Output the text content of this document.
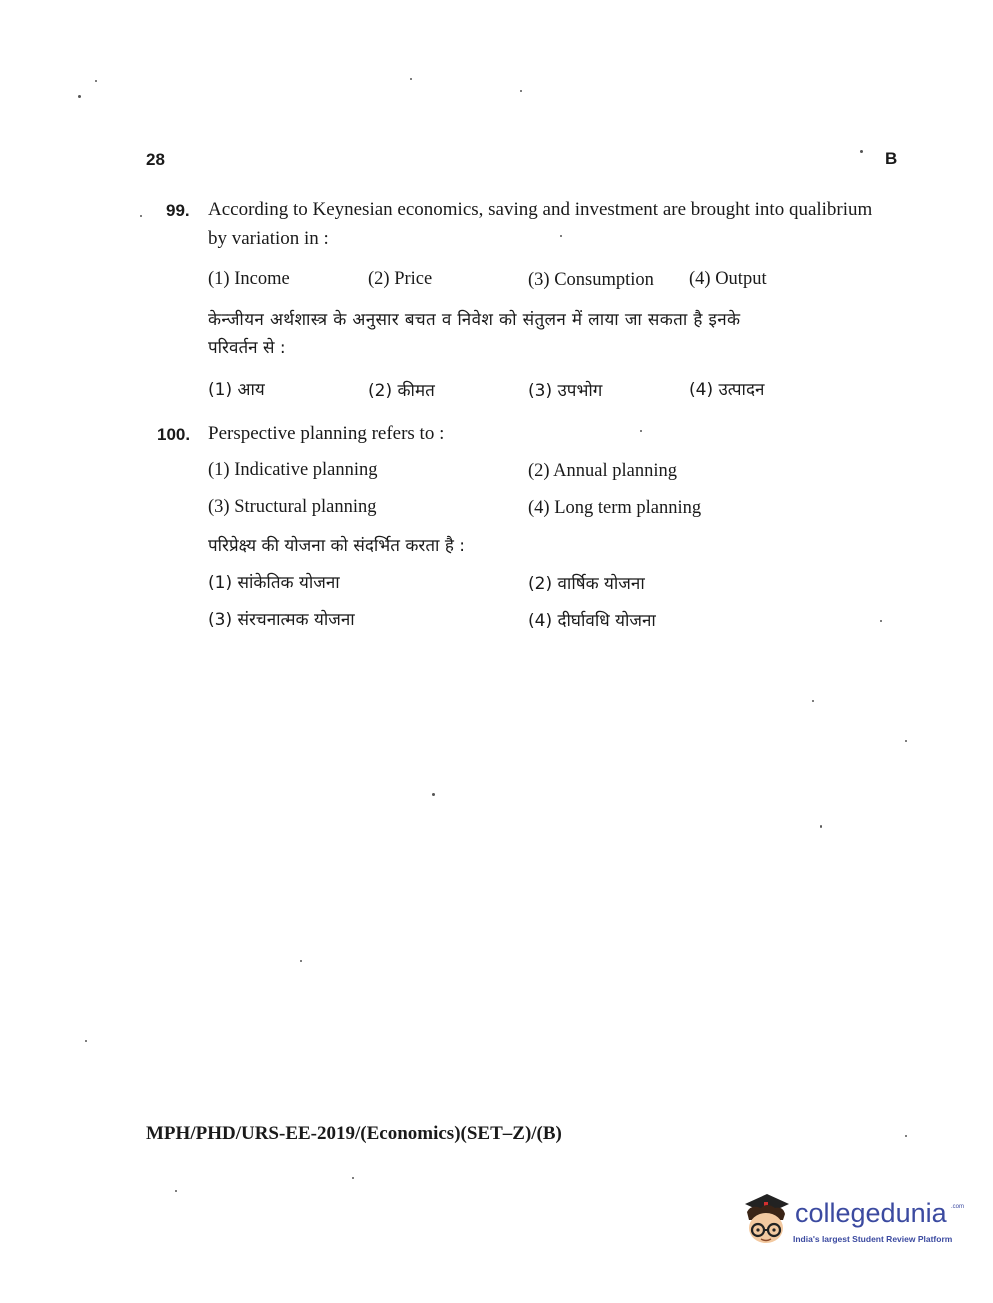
28	B
99. According to Keynesian economics, saving and investment are brought into qualibrium
by variation in :
(1) Income	(2) Price	(3) Consumption (4) Output
केन्जीयन अर्थशास्त्र के अनुसार बचत व निवेश को संतुलन में लाया जा सकता है इनके
परिवर्तन से :
(1) आय	(2) कीमत	(3) उपभोग	(4) उत्पादन
100. Perspective planning refers to :
(1) Indicative planning	(2) Annual planning
(3) Structural planning	(4) Long term planning
परिप्रेक्ष्य की योजना को संदर्भित करता है :
(1) सांकेतिक योजना	(2) वार्षिक योजना
(3) संरचनात्मक योजना	(4) दीर्घावधि योजना
MPH/PHD/URS-EE-2019/(Economics)(SET–Z)/(B)
collegedunia .com
India's largest Student Review Platform
